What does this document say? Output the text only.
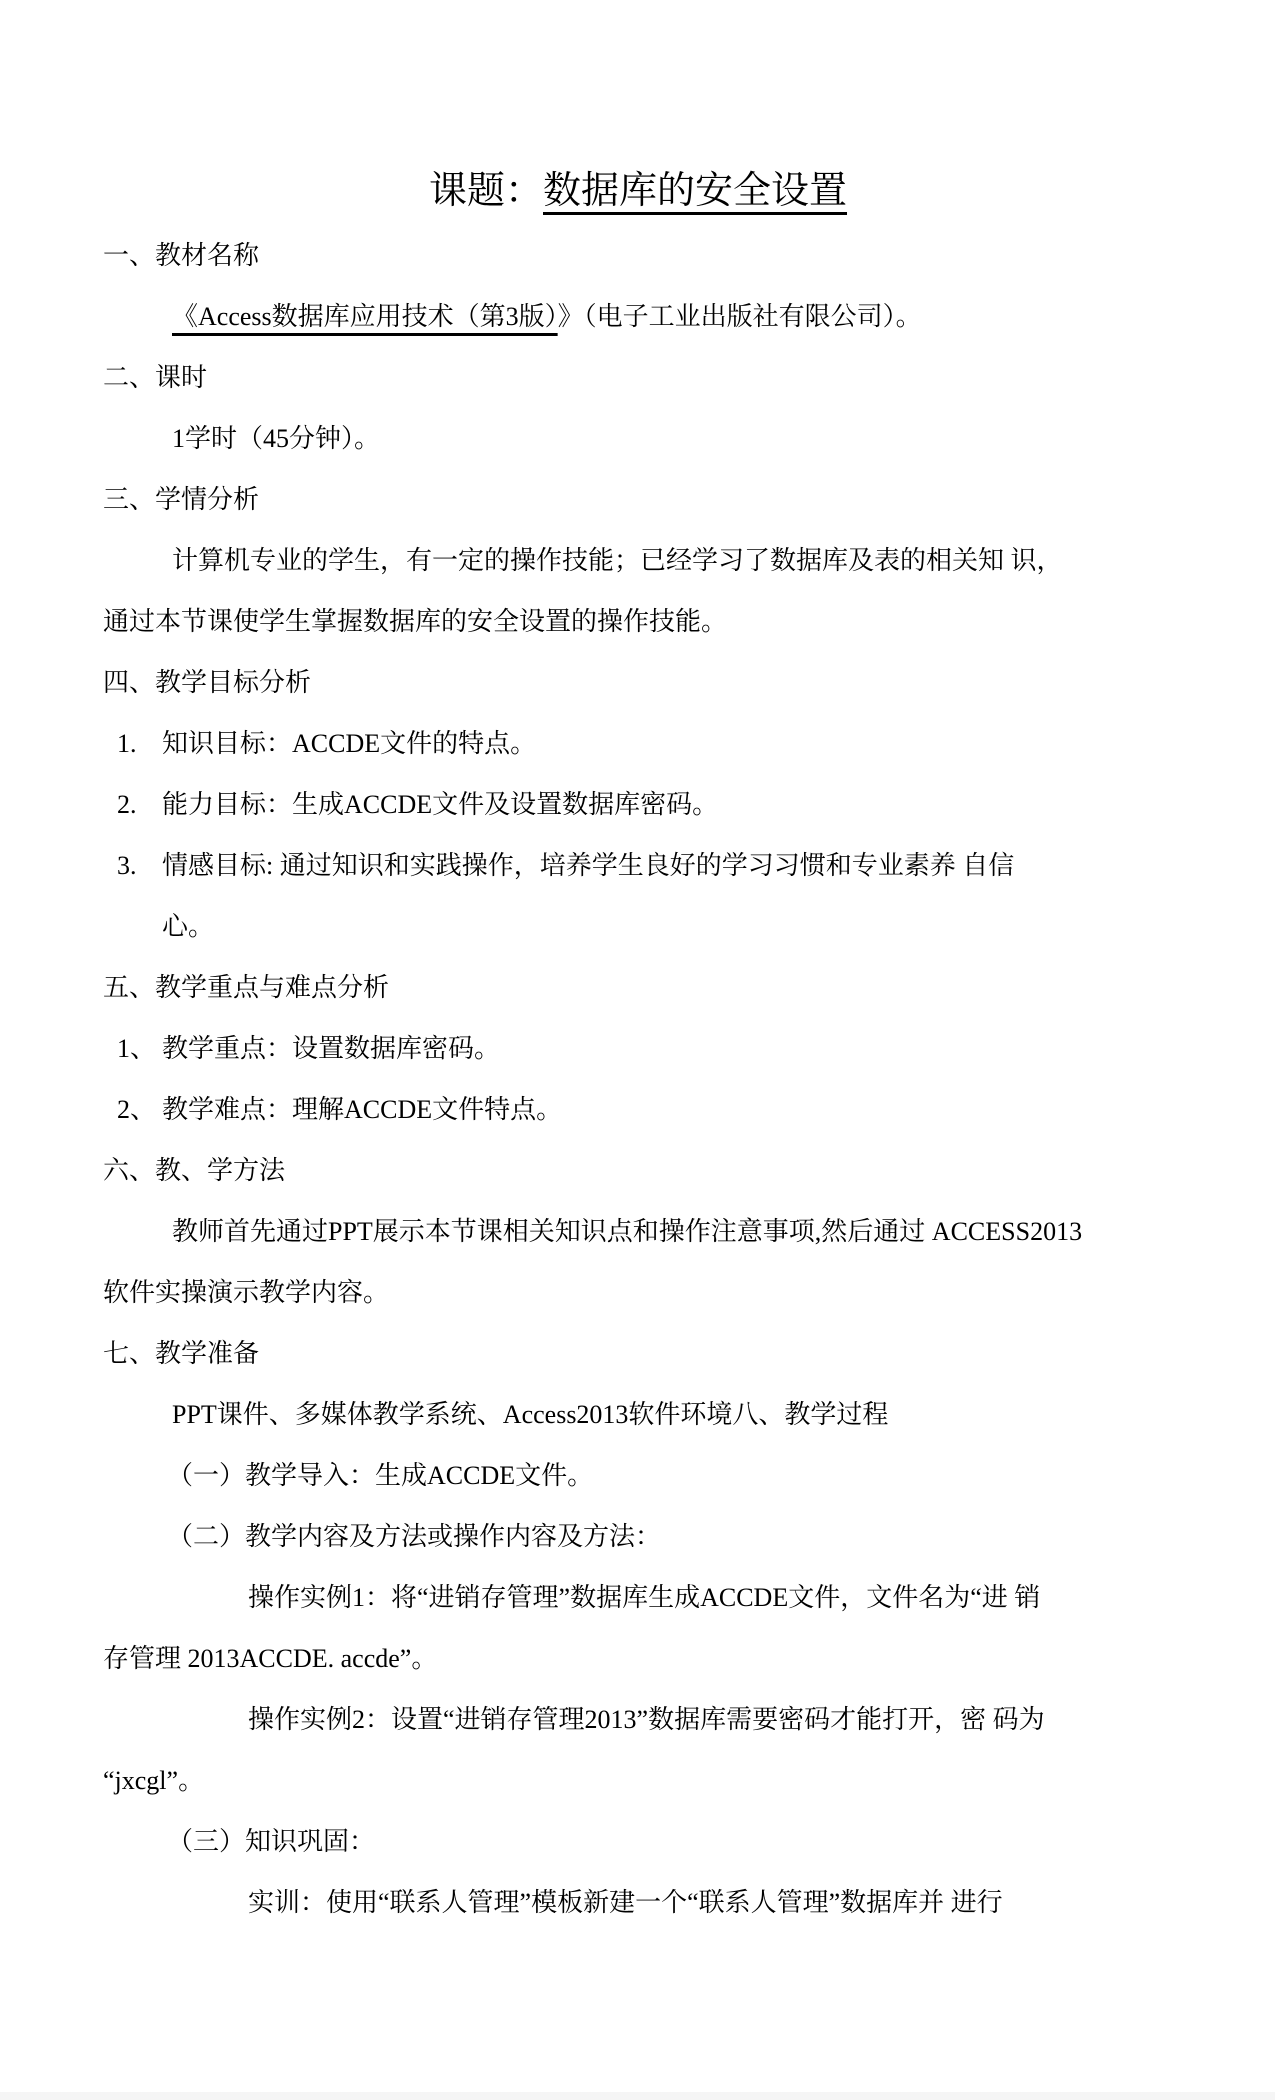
课题：数据库的安全设置
一、教材名称
《Access数据库应用技术（第3版）》（电子工业出版社有限公司）。
二、课时
1学时（45分钟）。
三、学情分析
计算机专业的学生，有一定的操作技能；已经学习了数据库及表的相关知 识，
通过本节课使学生掌握数据库的安全设置的操作技能。
四、教学目标分析
1. 知识目标：ACCDE文件的特点。
2. 能力目标：生成ACCDE文件及设置数据库密码。
3. 情感目标: 通过知识和实践操作，培养学生良好的学习习惯和专业素养 自信
心。
五、教学重点与难点分析
1、 教学重点：设置数据库密码。
2、 教学难点：理解ACCDE文件特点。
六、教、学方法
教师首先通过PPT展示本节课相关知识点和操作注意事项,然后通过 ACCESS2013
软件实操演示教学内容。
七、教学准备
PPT课件、多媒体教学系统、Access2013软件环境八、教学过程
（一）教学导入：生成ACCDE文件。
（二）教学内容及方法或操作内容及方法：
操作实例1：将“进销存管理”数据库生成ACCDE文件，文件名为“进 销
存管理 2013ACCDE. accde”。
操作实例2：设置“进销存管理2013”数据库需要密码才能打开，密 码为
“jxcgl”。
（三）知识巩固：
实训：使用“联系人管理”模板新建一个“联系人管理”数据库并 进行
